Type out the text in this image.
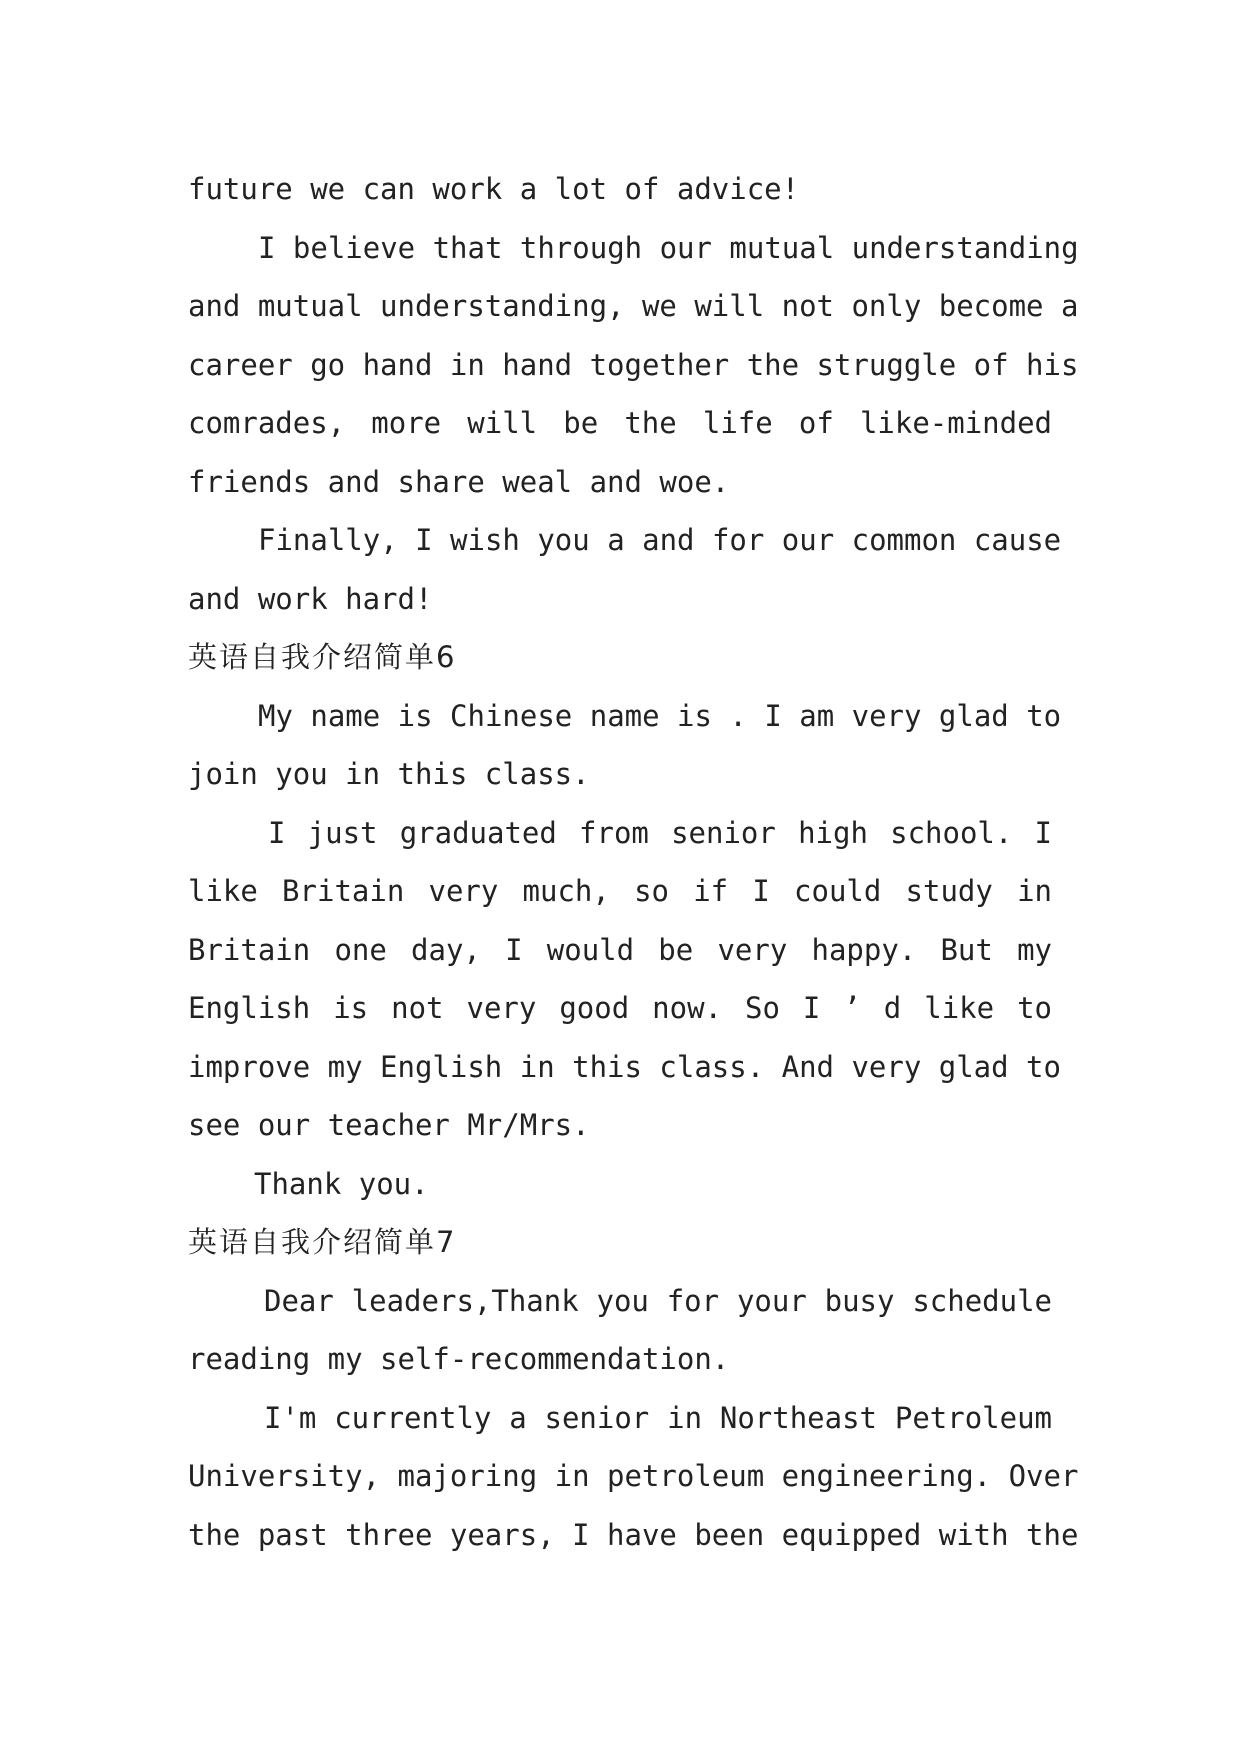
future we can work a lot of advice!
I believe that through our mutual understanding
and mutual understanding, we will not only become a
career go hand in hand together the struggle of his
comrades, more will be the life of like-minded
friends and share weal and woe.
Finally, I wish you a and for our common cause
and work hard!
英语自我介绍简单6
My name is Chinese name is . I am very glad to
join you in this class.
I just graduated from senior high school. I
like Britain very much, so if I could study in
Britain one day, I would be very happy. But my
English is not very good now. So I ’ d like to
improve my English in this class. And very glad to
see our teacher Mr/Mrs.
Thank you.
英语自我介绍简单7
Dear leaders,Thank you for your busy schedule
reading my self-recommendation.
I'm currently a senior in Northeast Petroleum
University, majoring in petroleum engineering. Over
the past three years, I have been equipped with the
